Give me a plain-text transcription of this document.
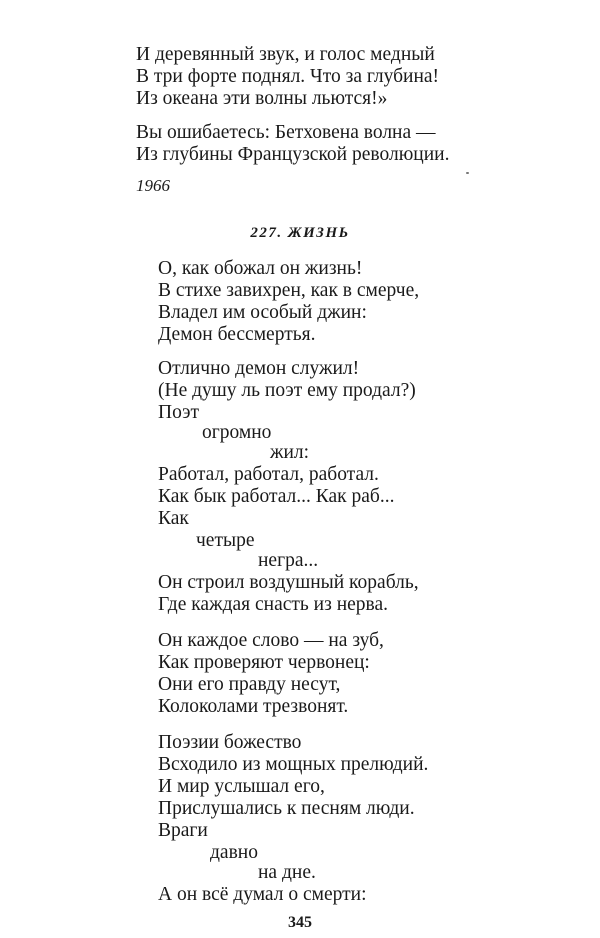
И деревянный звук, и голос медный
В три форте поднял. Что за глубина!
Из океана эти волны льются!»
Вы ошибаетесь: Бетховена волна —
Из глубины Французской революции.
1966
227. ЖИЗНЬ
О, как обожал он жизнь!
В стихе завихрен, как в смерче,
Владел им особый джин:
Демон бессмертья.
Отлично демон служил!
(Не душу ль поэт ему продал?)
Поэт
огромно
жил:
Работал, работал, работал.
Как бык работал... Как раб...
Как
четыре
негра...
Он строил воздушный корабль,
Где каждая снасть из нерва.
Он каждое слово — на зуб,
Как проверяют червонец:
Они его правду несут,
Колоколами трезвонят.
Поэзии божество
Всходило из мощных прелюдий.
И мир услышал его,
Прислушались к песням люди.
Враги
давно
на дне.
А он всё думал о смерти:
345
